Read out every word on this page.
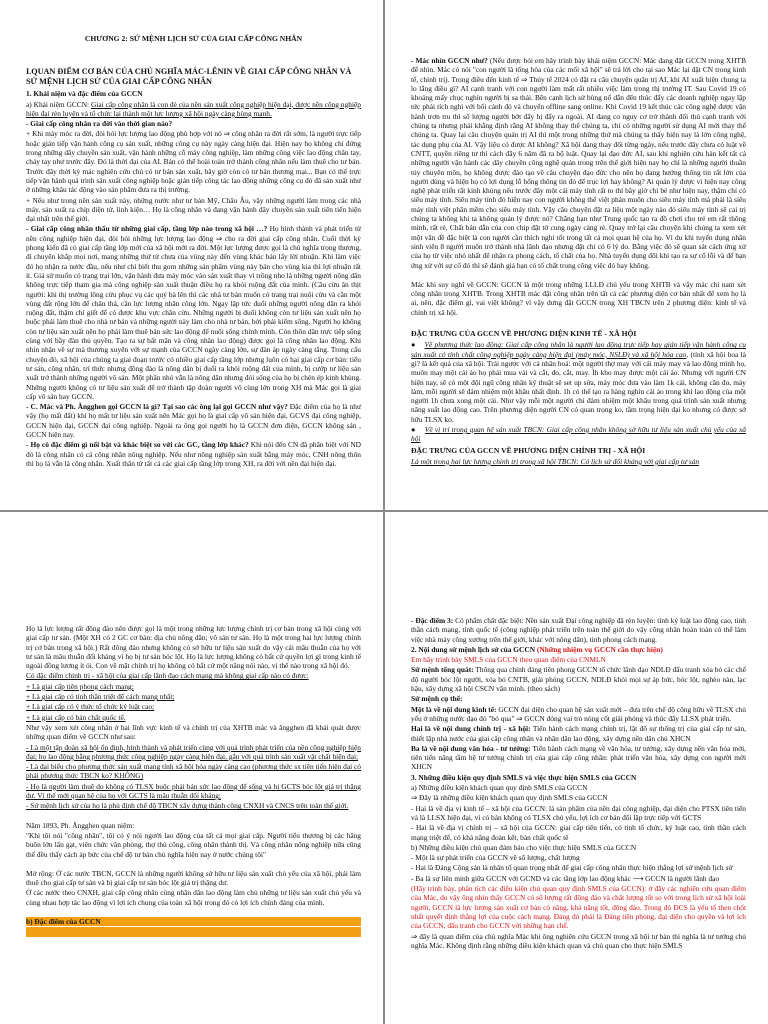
CHƯƠNG 2: SỨ MỆNH LỊCH SỬ CỦA GIAI CẤP CÔNG NHÂN
I.QUAN ĐIỂM CƠ BẢN CỦA CHỦ NGHĨA MÁC-LÊNIN VỀ GIAI CẤP CÔNG NHÂN VÀ SỨ MỆNH LỊCH SỬ CỦA GIAI CẤP CÔNG NHÂN

1. Khái niệm và đặc điểm của GCCN

a) Khái niệm GCCN: Giai cấp công nhân là con đẻ của nền sản xuất công nghiệp hiện đại, được nền công nghiệp hiện đại rèn luyện và tổ chức lại thành một lực lượng xã hội ngày càng hùng mạnh.

- Giai cấp công nhân ra đời vào thời gian nào?

+ Khi máy móc ra đời, đòi hỏi lực lượng lao động phù hợp với nó ⇒ công nhân ra đời rất sớm, là người trực tiếp hoặc gián tiếp vận hành công cụ sản xuất, những công cụ này ngày càng hiện đại. Hiện nay họ không chỉ đứng trong những dây chuyền sản xuất, vận hành những cỗ máy công nghiệp, làm những công việc lao động chân tay, chảy tay như trước đây. Đó là thời đại của AI. Bản có thể hoài toàn trở thành công nhân nếu làm thuê cho tư bản. Trước đây thời kỳ mác nghiên cứu chủ có tư bản sản xuất, bây giờ còn có tư bản thương mại... Bạn có thể trực tiếp vận hành quá trình sản xuất công nghiệp hoặc gián tiếp công tác lao động những công cụ đó đã sản xuất như ở những khâu tác động vào sản phẩm đưa ra thị trường.

+ Nếu như trong nền sản xuất này, những nước như tư bản Mỹ, Châu Âu, vậy những người làm trong các nhà máy, sản xuất ra chíp điện tử, linh kiện… Họ là công nhân và đang vận hành dây chuyền sản xuất tiên tiến hiện đại nhất trên thế giới.

- Giai cấp công nhân thấu từ những giai cấp, tầng lớp nào trong xã hội …? Họ hình thành và phát triển từ nền công nghiệp hiện đại, đòi hỏi những lực lượng lao động ⇒ cho ra đời giai cấp công nhân. Cuối thời kỳ phong kiến đã có giai cấp tầng lớp mới của xã hội mới ra đời. Một lực lượng được gọi là chủ nghĩa trọng thương, đi chuyên khắp mọi nơi, mang những thứ từ chưa của vùng này đến vùng khác bán lấy lời nhuận. Khi làm việc đó họ nhận ra nước đầu, nếu như chỉ biết thu gom những sản phẩm vùng này bán cho vùng kia thì lợi nhuận rất ít. Giả sử muốn có trang trại lớn, vận hành đưa máy móc vào sản xuất thay vì trồng nho là những người nông dân không trực tiếp tham gia mà công nghiệp sản xuất thuận điều họ ra khỏi ruộng đất của mình. (Câu cừu ăn thịt người: khi thị trường lông cừu phục vụ các quý bà lên thì các nhà tư bản muốn có trang trại nuôi cừu và cần một vùng đất rộng lớn để chăn thả, cần lực lượng nhân công lớn. Ngay lập tức đuổi những người nông dân ra khỏi ruộng đất, thậm chí giết để có được khu vực chăn cừu. Những người bị đuổi không còn tư liệu sản xuất nên họ buộc phải làm thuê cho nhà tư bản và những người này làm cho nhà tư bản, bởi phải kiếm sống. Người họ không còn tư liệu sản xuất nên họ phải làm thuê bán sức lao động để nuôi sống chính mình. Còn thôn dân trực tiếp sống cùng với bầy đàn thủ quyền. Tạo ra sự bất mãn và công nhân lao động) được gọi là công nhân lao động. Khi nhìn nhận về sự mà thương xuyên với sự mạnh của GCCN ngày càng lớn, sự đàn áp ngày càng tăng. Trong cấu chuyện đó, xã hội của chúng ta giai đoạn trước có nhiều giai cấp tầng lớp nhưng luôn có hai giai cấp cơ bản: tiểu tư sản, công nhân, trí thức nhưng đông đảo là nông dân bị đuổi ra khỏi ruộng đất của mình, bị cướp tư liệu sản xuất trở thành những người vô sản. Một phần nhỏ vẫn là nông dân nhưng đói sống của họ bị chèn ép kinh khủng. Những người không có tư liệu sản xuất để trở thành tập đoàn người vô cùng lớn trong XH mà Mác gọi là giai cấp vô sản hay GCCN.

- C. Mác và Ph. Ăngghen gọi GCCN là gì? Tại sao các ông lại gọi GCCN như vậy? Đặc điểm của họ là như vậy (họ mất đất) khi họ mất tư liệu sản xuất nên Mác gọi họ là giai cấp vô sản hiện đại, GCVS đại công nghiệp, GCCN hiện đại, GCCN đại công nghiệp. Ngoài ra ông gọi người họ là GCCN đơn điện, GCCN không sản , GCCN hiện nay.

- Họ có đặc điểm gì nổi bật và khác biệt so với các GC, tầng lớp khác? Khi nói đến CN đã phân biệt với ND đó là công nhân có cả công nhân nông nghiệp. Nếu như nông nghiệp sản xuất bằng máy móc, CNH nông thôn thì họ là vẫn là công nhân. Xuất thân từ tất cả các giai cấp tầng lớp trong XH, ra đời với nền đại hiện đại.

- Mác nhìn GCCN như? (Nếu được hỏi em hãy trình bày khái niệm GCCN: Mác đang đặt GCCN trong XHTB để nhìn. Mác có nói "con người là tổng hòa của các mối xã hội" sẽ trả lời cho tại sao Mác lại đặt CN trong kinh tế, chính trị). Trong điều đến kinh tế ⇒ Thủy tế 2024 có đặt ra câu chuyện quân trị AI, khi AI xuất hiện chung ta lo lắng điều gì? AI cạnh tranh với con người làm mất rất nhiều việc làm trong thị trường IT. Sau Covid 19 có khoảng mấy chục nghìn người bị sa thải. Bên cạnh lịch sử bùng nổ dẫn đến thúc đẩy các doanh nghiệp ngay lập tức phải tích nghi với bối cảnh đó và chuyển offline sang online. Khi Covid 19 kết thúc các công nghệ được vận hành trơn tru thì số lượng người bớt đẩy bị đẩy ra ngoài. AI đang co nguy cơ trở thành đối thủ cạnh tranh với chúng ta nhưng phải khẳng định rằng AI không thay thế chúng ta, chỉ có những người sử dụng AI mới thay thế chúng ta. Quay lại câu chuyện quản trị AI thì một trong những thứ mà chúng ta thấy hiện nay là lớn công nghệ, tác dụng phụ của AI. Vậy liệu có được AI không? Xã hội đang thay đổi từng ngày, nếu trước đây chưa có luật về CNTT, quyền riêng tư thì cách đây 6 năm đã ra bộ luật. Quay lại đạo đức AI, sau khi nghiên cứu hàn kết tất cả những người vận hành các dây chuyền công nghệ quản trong trên thế giới hiện nay họ chỉ là những người thuần túy chuyên môn, họ không được đào tạo về câu chuyện đạo đức cho nên họ đang hướng thông tin rất lớn của người dùng và hiện họ có lợi dụng lỗ hổng thông tin đó để trục lợi hay không? Ai quản lý được vì hiện nay công nghệ phát triển rất kinh khủng nếu trước đây một cái máy tính rất to thì bây giờ chỉ bé như hiện nay, thậm chí có siêu máy tính. Siêu máy tính đó hiện nay con người không thể việt phản muôn cho siêu máy tính mà phải là siêu máy tính việt phân mềm cho siêu máy tính. Vậy câu chuyện đặt ra liệu một ngày nào đó siêu máy tính sẽ cai trị chúng ta không khi ta không quản lý được nó? Chẳng hạn như Trung quốc tạo ra đồ chơi cho trẻ em rất thông minh, rất rẻ. Chất bản dẫn của con chip đặt tờ cung ngày càng rẻ. Quay trở lại câu chuyện khi chúng ta xem xét một văn đề đặc biệt là con người cần thích nghi tốt trong tất cả mọi quan hệ của họ. Vì du khi tuyển dụng nhân sinh viên 8 người muốn trở thành nhà lãnh đạo nhưng đặt chỉ có 6 lý do. Bằng việc đó sẽ quan sát cách ứng xử của họ từ việc nhỏ nhất để nhận ra phong cách, tố chất của họ. Nhà tuyển dụng đôi khi tạo ra sự cố lỗi và để bạn ứng xử với sự cố đó thì sẽ đánh giá bạn có tố chất trong công việc đó hay không.

Mác khi suy nghĩ về GCCN: GCCN là một trong những LLLĐ chủ yếu trong XHTB và vậy mác chỉ nam xét công nhân trong XHTB. Trong XHTB mác đặt công nhân trên tất cả các phương diện cơ bản nhất để xem họ là ai, nên, đặc điểm gì, vai việt không? vì vậy dưng đặt GCCN trong XH TBCN trên 2 phương diện: kinh tế và chính trị xã hội.

ĐẶC TRƯNG CỦA GCCN VỀ PHƯƠNG DIỆN KINH TẾ - XÃ HỘI

●    Về phương thức lao động: Giai cấp công nhân là người lao động trực tiếp hay gián tiếp vận hành công cụ sản xuất có tính chất công nghiệp ngày càng hiện đại (máy móc, NSLĐ) và xã hội hóa cao, (tính xã hội hoa là gì? là kết quả của xã hội. Trái ngược với cá nhân hoá: một người thợ may với cái máy may và lao động mình họ, muôn may một cái áo họ phải mua vải và cắt, đo, cắt, may. Ìh kho may được một cái áo. Nhưng với người CN hiện nay, sẽ có một đội ngũ công nhân kỹ thuật sẽ set up sửa, máy móc đưa vào làm 1k cái, không cần đo, máy làm, mỗi người sẽ đảm nhiệm một khâu nhất định. 1h có thể tạo ra hàng nghìn cái áo trong khi lao động của một người 1h chưa xong một cái. Như vậy mỗi một người chỉ đảm nhiệm một khâu trong quá trình sản xuất nhưng năng suất lao động cao. Trên phương diện người CN có quan trọng ko, tầm trọng hiện đại ko nhưng có được sở hữu TLSX ko.

●    Về vị trí trong quan hệ sản xuất TBCN: Giai cấp công nhân không sở hữu tư liệu sản xuất chủ yếu của xã hội

ĐẶC TRƯNG CỦA GCCN VỀ PHƯƠNG DIỆN CHÍNH TRỊ - XÃ HỘI

Là một trong hai lực lượng chính trị trong xã hội TBCN: Có lịch sử đối kháng với giai cấp tư sản

Họ là lực lượng rất đông đảo nên được gọi là một trong những lực lượng chính trị cơ bản trong xã hội cùng với giai cấp tư sản. (Một XH có 2 GC cơ bản: địa chủ nông dân; vô sản tư sản. Họ là một trong hai lực lượng chính trị cơ bản trong xã hội.) Rất đông đảo nhưng không có sở hữu tư liệu sản xuất do vậy cái mâu thuẫn của họ với tư sản là mâu thuẫn đối kháng vì họ bị tư sản bóc lột. Họ là lực lượng không có bất cứ quyền lợi gì trong kinh tế ngoài đồng lương ít ỏi. Con về mặt chính trị họ không có bất cứ một năng nói nào, vị thế nào trong xã hội đó.

Có đặc điểm chính trị - xã hội của giai cấp lãnh đạo cách mạng mà không giai cấp nào có được:

+ Là giai cấp tiên phong cách mạng;

+ Là giai cấp có tính thần triệt để cách mạng nhất;

+ Là giai cấp có ý thức tổ chức kỷ luật cao;

+ Là giai cấp có bản chất quốc tế.

Như vậy xem xét công nhân ở hai lĩnh vực kinh tế và chính trị của XHTB mác và ăngghen đã khái quát được những quan điểm về GCCN như sau:

- Là một tập đoàn xã hội ổn định, hình thành và phát triển cùng với quá trình phát triển của nền công nghiệp hiện đại; họ lao động bằng phương thức công nghiệp ngày càng hiện đại, gắn với quá trình sản xuất vật chất hiện đại;

- Là đại biểu cho phương thức sản xuất mang tính xã hội hóa ngày càng cao (phương thức sx tiên tiến hiện đại có phải phương thức TBCN ko? KHÔNG)

- Họ là người làm thuê do không có TLSX buộc phải bán sức lao động để sống và bị GCTS bóc lột giá trị thặng dư. Vì thế mới quan hệ của họ với GCTS là mâu thuẫn đối kháng;

- Sứ mệnh lịch sử của họ là phủ định chế độ TBCN xây dựng thành công CNXH và CNCS trên toàn thế giới.

Năm 1893, Ph. Ăngghen quan niệm:

"Khi tôi nói "công nhân", tôi có ý nói người lao động của tất cả mọi giai cấp. Người tiểu thương bị các hãng buôn lớn lấn gạt, viên chức văn phòng, thợ thủ công, công nhân thành thị. Và công nhân nông nghiệp nữa cũng thế đều thấy cách áp bức của chế độ tư bản chủ nghĩa hiện nay ở nước chúng tôi"

Mở rộng: Ở các nước TBCN, GCCN là những người không sở hữu tư liệu sản xuất chủ yếu của xã hội, phải làm thuê cho giai cấp tư sản và bị giai cấp tư sản bóc lột giá trị thặng dư.

Ở các nước theo CNXH, giai cấp công nhân cùng nhân dân lao động làm chủ những tư liệu sản xuất chủ yếu và cùng nhau hợp tác lao động vì lợi ích chung của toàn xã hội trong đó có lợi ích chính đáng của mình.

b) Đặc điểm của GCCN

- Đặc điểm 3: Có phẩm chất đặc biệt: Nền sản xuất Đại công nghiệp đã rèn luyện: tính kỷ luật lao động cao, tinh thần cách mạng, tính quốc tế (công nghiệp phát triển trên toàn thế giới do vậy công nhân hoàn toàn có thể làm việc nhà máy công xưởng trên thế giới, khác với nông dân), tinh phong cách mạng.

2. Nội dung sứ mệnh lịch sử của GCCN (Những nhiệm vụ GCCN cần thực hiện)

Em hãy trình bày SMLS của GCCN theo quan điểm của CNMLN

Sứ mệnh tổng quát: Thông qua chính đảng tiên phong GCCN tổ chức lãnh đạo NDLĐ đấu tranh xóa bỏ các chế độ người bóc lột người, xóa bỏ CNTB, giải phóng GCCN, NDLĐ khỏi mọi sự áp bức, bóc lột, nghèo nàn, lạc hậu, xây dựng xã hội CSCN văn minh. (theo sách)

Sứ mệnh cụ thể:

Một là về nội dung kinh tế: GCCN đại diện cho quan hệ sản xuất mới – đưa trên chế độ công hữu về TLSX chủ yếu ở những nước đạo đó "bỏ qua" ⇒ GCCN đóng vai trò nòng cốt giải phóng và thúc đẩy LLSX phát triển.

Hai là về nội dung chính trị - xã hội: Tiến hành cách mạng chính trị, lật đổ sự thống trị của giai cấp tư sản, thiết lập nhà nước của giai cấp công nhân và nhân dân lao động, xây dựng nền dân chủ XHCN

Ba là về nội dung văn hóa - tư tưởng: Tiến hành cách mạng về văn hóa, tư tưởng, xây dựng nền văn hóa mới, tiên tiến nâng tầm hệ tư tưởng chính trị của giai cấp công nhân: phát triển văn hóa, xây dựng con người mới XHCN

3. Những điều kiện quy định SMLS và việc thực hiện SMLS của GCCN

a) Những điều kiện khách quan quy định SMLS của GCCN

⇒ Đây là những điều kiện khách quan quy định SMLS của GCCN

- Hai là về địa vị kinh tế – xã hội của GCCN: là sản phẩm của nền đại công nghiệp, đại diện cho PTSX tiên tiến và là LLSX hiện đại, vì có bản không có TLSX chủ yếu, lợi ích cơ bản đối lập trực tiếp với GCTS

- Hai là về địa vị chính trị – xã hội của GCCN: giai cấp tiên tiến, có tinh tổ chức, kỷ luật cao, tinh thần cách mạng triệt để, có khả năng đoàn kết, bản chất quốc tế

b) Những điều kiện chủ quan đảm bảo cho việc thực hiện SMLS của GCCN

- Một là sự phát triển của GCCN về số lượng, chất lượng

- Hai là Đảng Cộng sản là nhân tố quan trọng nhất để giai cấp công nhân thực hiện thắng lợi sứ mệnh lịch sử

- Ba là sự liên minh giữa GCCN với GCND và các tầng lớp lao động khác ⟶ GCCN là người lãnh đạo

(Hãy trình bày, phân tích các điều kiện chủ quan quy định SMLS của GCCN): ở đây các nghiên cứu quan điểm của Mác, do vậy ông nhìn thấy GCCN có số lượng rất đông đảo và chất lượng tốt so với trong lịch sử xã hội loài người, GCCN là lực lượng sản xuất cơ bản có năng, khả năng tốt, đông đảo. Trong đó ĐCS là yếu tố then chốt nhất quyết định thắng lợi của cuộc cách mạng. Đảng đó phải là Đảng tiên phong, đại diện cho quyền và lợi ích của GCCN, đấu tranh cho GCCN với những hạn chế.

⇒ đây là quan điểm của chủ nghĩa Mác khi ông nghiên cứu GCCN trong xã hội tư bản thì nghĩa là tư tưởng chủ nghĩa Mác. Không định rằng những điều kiện khách quan và chủ quan cho thực hiện SMLS
